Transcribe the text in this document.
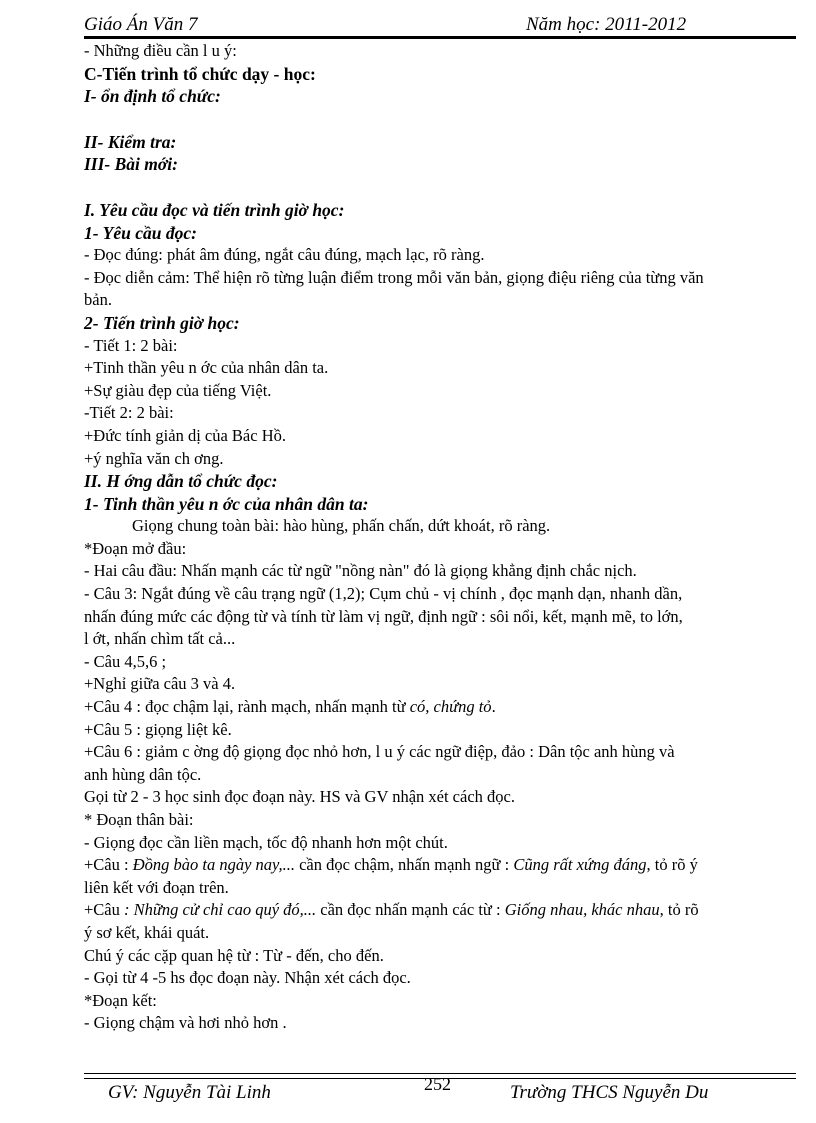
Giáo Án Văn 7	Năm học: 2011-2012
- Những điều cần l u ý:
C-Tiến trình tổ chức dạy - học:
I- ổn định tổ chức:
II- Kiểm tra:
III- Bài mới:
I. Yêu cầu đọc và tiến trình giờ học:
1- Yêu cầu đọc:
- Đọc đúng: phát âm đúng, ngắt câu đúng, mạch lạc, rõ ràng.
- Đọc diễn cảm: Thể hiện rõ từng luận điểm trong mỗi văn bản, giọng điệu riêng của từng văn
bản.
2- Tiến trình giờ học:
- Tiết 1: 2 bài:
+Tinh thần yêu n ớc của nhân dân ta.
+Sự giàu đẹp của tiếng Việt.
-Tiết 2: 2 bài:
+Đức tính giản dị của Bác Hồ.
+ý nghĩa văn ch ơng.
II. H ớng dẫn tổ chức đọc:
1- Tinh thần yêu n ớc của nhân dân ta:
Giọng chung toàn bài: hào hùng, phấn chấn, dứt khoát, rõ ràng.
*Đoạn mở đầu:
- Hai câu đầu: Nhấn mạnh các từ ngữ "nồng nàn" đó là giọng khẳng định chắc nịch.
- Câu 3: Ngắt đúng về câu trạng ngữ (1,2); Cụm chủ - vị chính , đọc mạnh dạn, nhanh dần,
nhấn đúng mức các động từ và tính từ làm vị ngữ, định ngữ : sôi nổi, kết, mạnh mẽ, to lớn,
l ớt, nhấn chìm tất cả...
- Câu 4,5,6 ;
+Nghỉ giữa câu 3 và 4.
+Câu 4 : đọc chậm lại, rành mạch, nhấn mạnh từ có, chứng tỏ.
+Câu 5 : giọng liệt kê.
+Câu 6 : giảm c ờng độ giọng đọc nhỏ hơn, l u ý các ngữ điệp, đảo : Dân tộc anh hùng và
anh hùng dân tộc.
Gọi từ 2 - 3 học sinh đọc đoạn này. HS và GV nhận xét cách đọc.
* Đoạn thân bài:
- Giọng đọc cần liền mạch, tốc độ nhanh hơn một chút.
+Câu : Đồng bào ta ngày nay,... cần đọc chậm, nhấn mạnh ngữ : Cũng rất xứng đáng, tỏ rõ ý
liên kết với đoạn trên.
+Câu : Những cử chỉ cao quý đó,... cần đọc nhấn mạnh các từ : Giống nhau, khác nhau, tỏ rõ
ý sơ kết, khái quát.
Chú ý các cặp quan hệ từ : Từ - đến, cho đến.
- Gọi từ 4 -5 hs đọc đoạn này. Nhận xét cách đọc.
*Đoạn kết:
- Giọng chậm và hơi nhỏ hơn .
GV: Nguyễn Tài Linh	252	Trường THCS Nguyễn Du
